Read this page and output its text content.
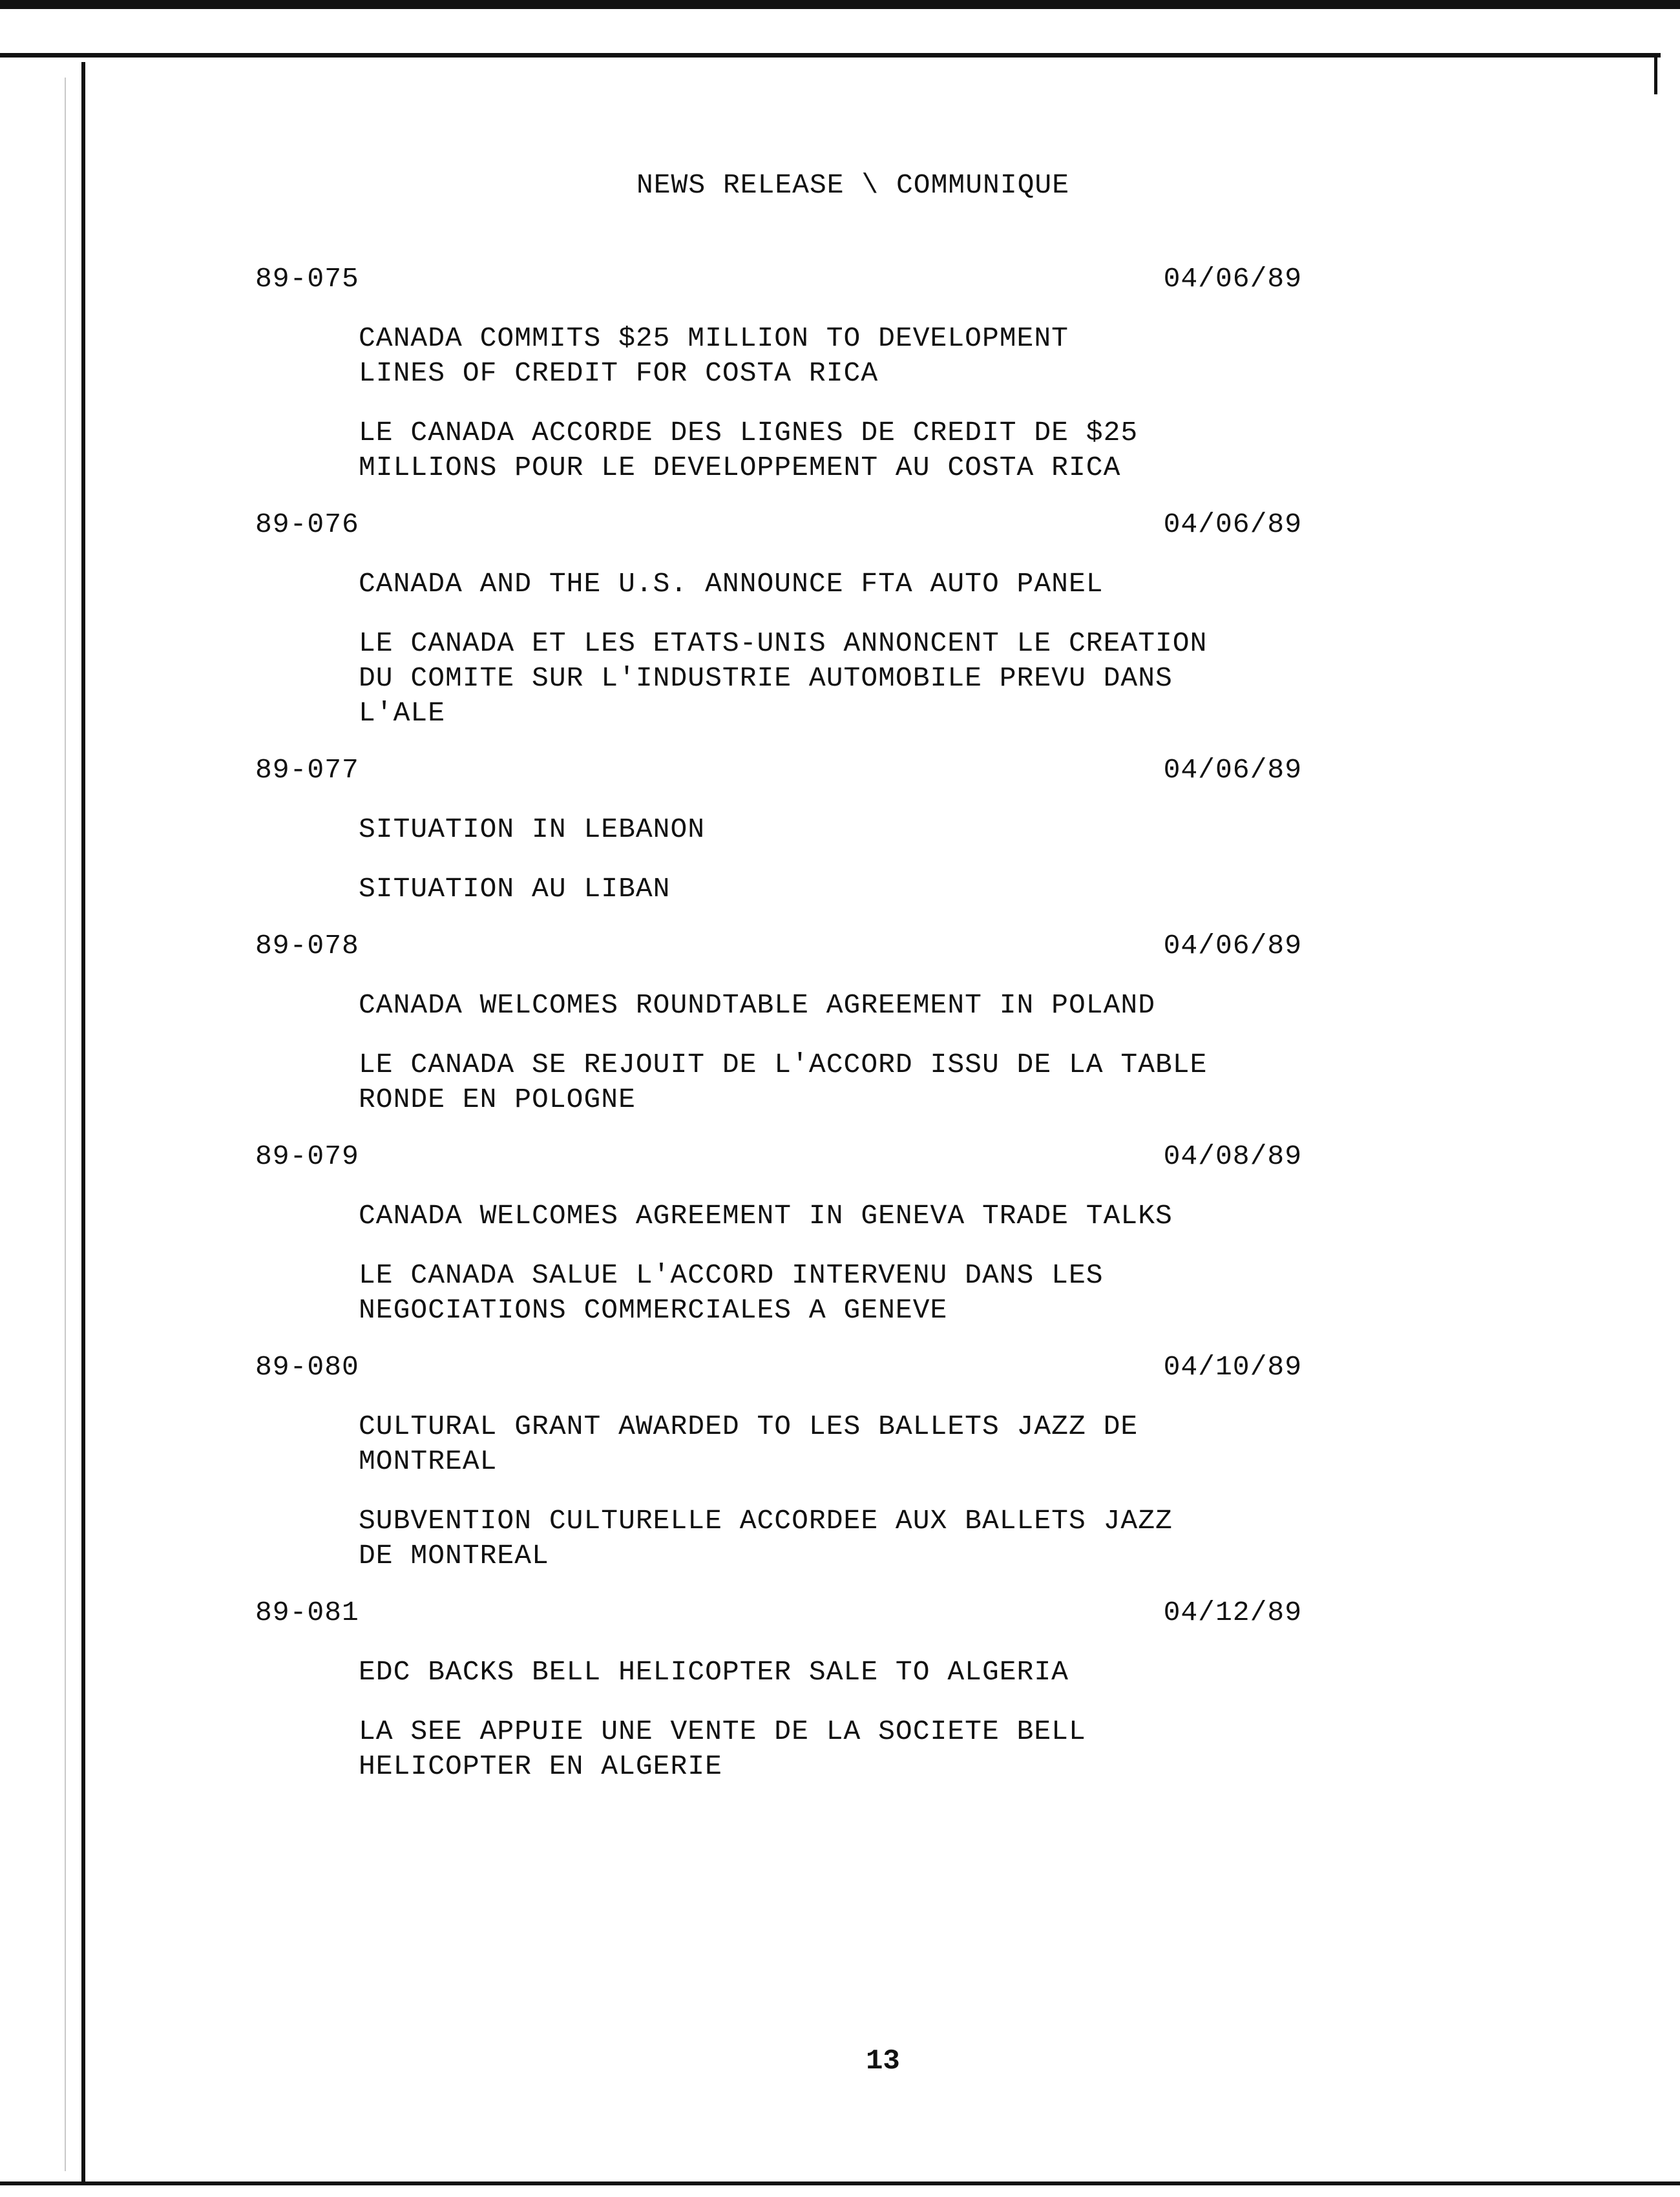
NEWS RELEASE \ COMMUNIQUE
89-075	04/06/89
CANADA COMMITS $25 MILLION TO DEVELOPMENT
LINES OF CREDIT FOR COSTA RICA
LE CANADA ACCORDE DES LIGNES DE CREDIT DE $25
MILLIONS POUR LE DEVELOPPEMENT AU COSTA RICA
89-076	04/06/89
CANADA AND THE U.S. ANNOUNCE FTA AUTO PANEL
LE CANADA ET LES ETATS-UNIS ANNONCENT LE CREATION
DU COMITE SUR L'INDUSTRIE AUTOMOBILE PREVU DANS
L'ALE
89-077	04/06/89
SITUATION IN LEBANON
SITUATION AU LIBAN
89-078	04/06/89
CANADA WELCOMES ROUNDTABLE AGREEMENT IN POLAND
LE CANADA SE REJOUIT DE L'ACCORD ISSU DE LA TABLE
RONDE EN POLOGNE
89-079	04/08/89
CANADA WELCOMES AGREEMENT IN GENEVA TRADE TALKS
LE CANADA SALUE L'ACCORD INTERVENU DANS LES
NEGOCIATIONS COMMERCIALES A GENEVE
89-080	04/10/89
CULTURAL GRANT AWARDED TO LES BALLETS JAZZ DE
MONTREAL
SUBVENTION CULTURELLE ACCORDEE AUX BALLETS JAZZ
DE MONTREAL
89-081	04/12/89
EDC BACKS BELL HELICOPTER SALE TO ALGERIA
LA SEE APPUIE UNE VENTE DE LA SOCIETE BELL
HELICOPTER EN ALGERIE
13
